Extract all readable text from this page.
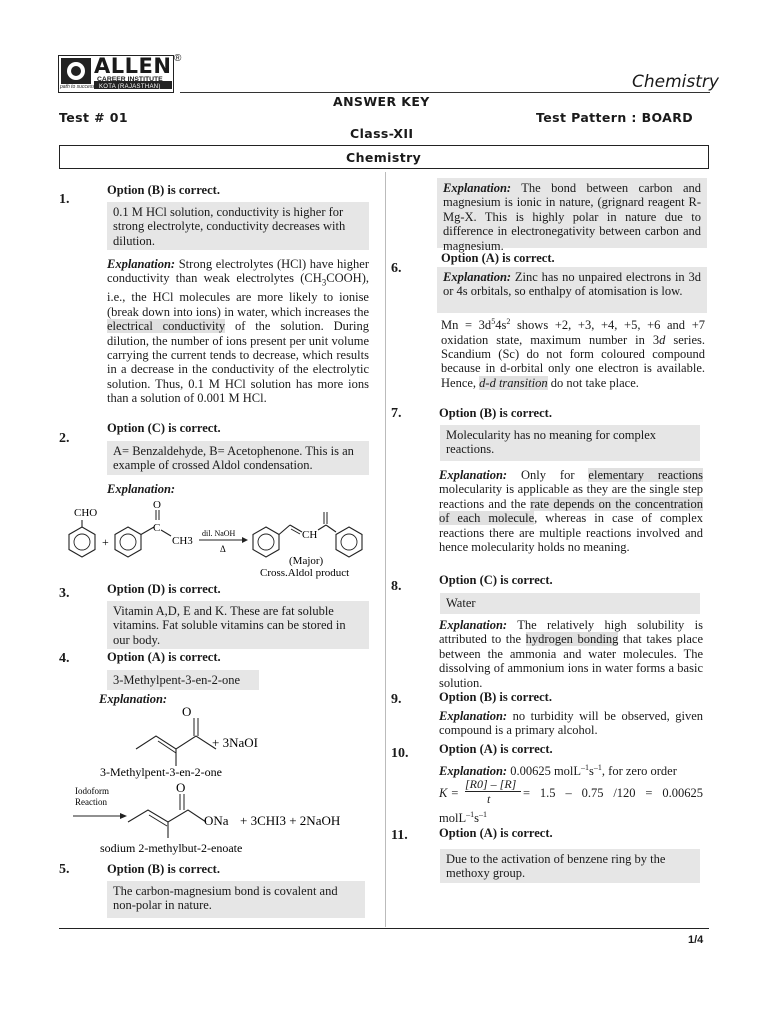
ALLEN
CAREER INSTITUTE
KOTA (RAJASTHAN)
path to success
®
Chemistry
ANSWER KEY
Test # 01	Test Pattern : BOARD
Class-XII
Chemistry
1.
Option (B) is correct.
0.1 M HCl solution, conductivity is higher for strong electrolyte, conductivity decreases with dilution.
Explanation: Strong electrolytes (HCl) have higher conductivity than weak electrolytes $(CH_3COOH)$, i.e., the HCl molecules are more likely to ionise (break down into ions) in water, which increases the electrical conductivity of the solution. During dilution, the number of ions present per unit volume carrying the current tends to decrease, which results in a decrease in the conductivity of the electrolytic solution. Thus, 0.1 M HCl solution has more ions than a solution of 0.001 M HCl.
2.
Option (C) is correct.
A= Benzaldehyde, B= Acetophenone. This is an example of crossed Aldol condensation.
Explanation:
CHO
+
C
O
CH3
dil. NaOH
Δ
CH
(Major)
Cross.Aldol product
3.	Option (D) is correct.
Vitamin A,D, E and K. These are fat soluble vitamins. Fat soluble vitamins can be stored in our body.
4.	Option (A) is correct.
3-Methylpent-3-en-2-one
Explanation:
O
+ 3NaOI
3-Methylpent-3-en-2-one
Iodoform
Reaction
O
ONa + 3CHI3 + 2NaOH
sodium 2-methylbut-2-enoate
5.	Option (B) is correct.
The carbon-magnesium bond is covalent and non-polar in nature.
Explanation: The bond between carbon and magnesium is ionic in nature, (grignard reagent R-Mg-X. This is highly polar in nature due to difference in electronegativity between carbon and magnesium.
6.
Option (A) is correct.
Explanation: Zinc has no unpaired electrons in 3d or 4s orbitals, so enthalpy of atomisation is low.
$Mn = 3d^54s^2$ shows +2, +3, +4, +5, +6 and +7 oxidation state, maximum number in 3d series. Scandium (Sc) do not form coloured compound because in d-orbital only one electron is available. Hence, d-d transition do not take place.
7.	Option (B) is correct.
Molecularity has no meaning for complex reactions.
Explanation: Only for elementary reactions molecularity is applicable as they are the single step reactions and the rate depends on the concentration of each molecule, whereas in case of complex reactions there are multiple reactions involved and hence molecularity holds no meaning.
8.	Option (C) is correct.
Water
Explanation: The relatively high solubility is attributed to the hydrogen bonding that takes place between the ammonia and water molecules. The dissolving of ammonium ions in water forms a basic solution.
9.	Option (B) is correct.
Explanation: no turbidity will be observed, given compound is a primary alcohol.
10. Option (A) is correct.
Explanation: 0.00625 $molL^{-1}s^{-1}$, for zero order
K =
[R0] – [R]
t	= 1.5 – 0.75 /120 = 0.00625
$molL^{-1}s^{-1}$
11.	Option (A) is correct.
Due to the activation of benzene ring by the methoxy group.
1/4
